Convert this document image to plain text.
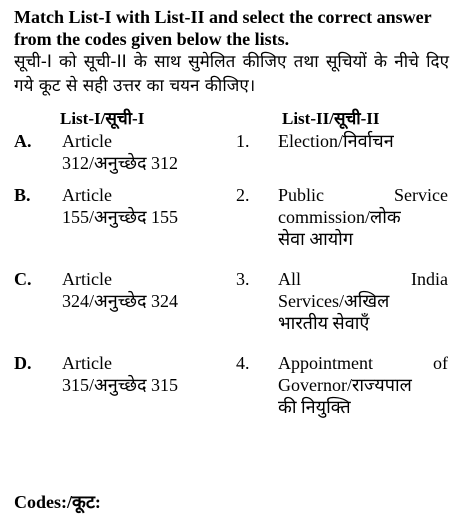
Match List-I with List-II and select the correct answer from the codes given below the lists.

सूची-I को सूची-II के साथ सुमेलित कीजिए तथा सूचियों के नीचे दिए गये कूट से सही उत्तर का चयन कीजिए।

List-I/सूची-I	List-II/सूची-II
A. Article
312/अनुच्छेद 312
1. Election/निर्वाचन
B. Article
155/अनुच्छेद 155
2. Public Service
commission/लोक
सेवा आयोग
C. Article
324/अनुच्छेद 324
3. All India
Services/अखिल
भारतीय सेवाएँ
D. Article
315/अनुच्छेद 315
4. Appointment of
Governor/राज्यपाल
की नियुक्ति
Codes:/कूट:
